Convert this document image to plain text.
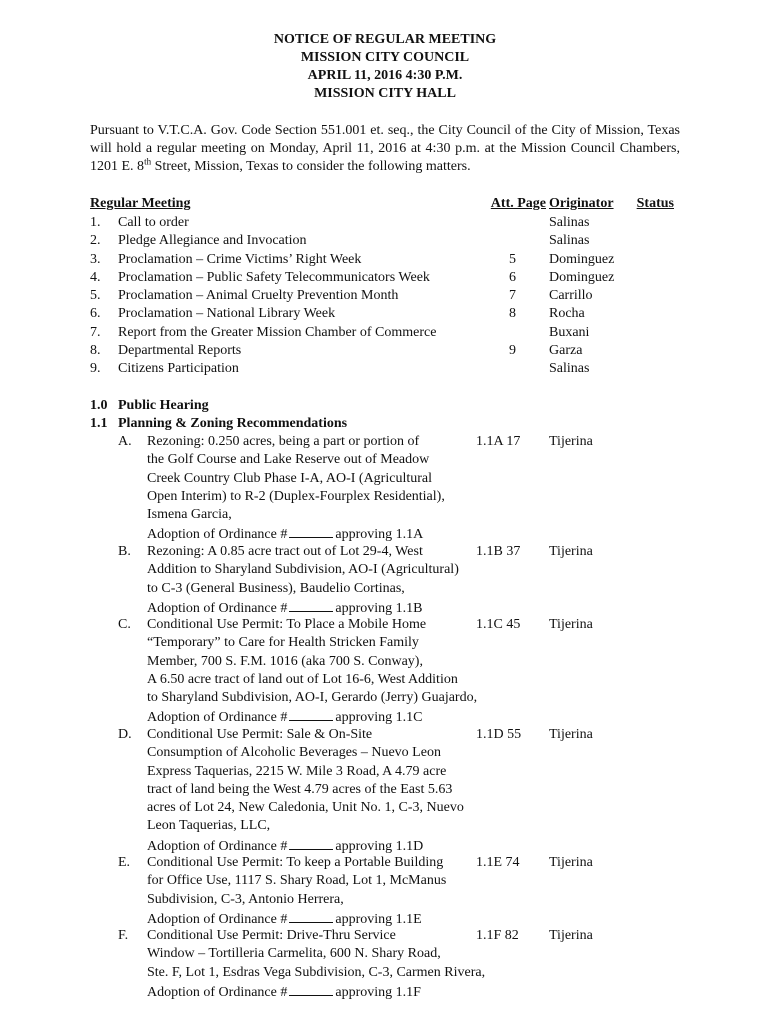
NOTICE OF REGULAR MEETING
MISSION CITY COUNCIL
APRIL 11, 2016 4:30 P.M.
MISSION CITY HALL
Pursuant to V.T.C.A. Gov. Code Section 551.001 et. seq., the City Council of the City of Mission, Texas will hold a regular meeting on Monday, April 11, 2016 at 4:30 p.m. at the Mission Council Chambers, 1201 E. 8th Street, Mission, Texas to consider the following matters.
Regular Meeting	Att. Page Originator	Status
1. Call to order	Salinas
2. Pledge Allegiance and Invocation	Salinas
3. Proclamation – Crime Victims’ Right Week	5 Dominguez
4. Proclamation – Public Safety Telecommunicators Week	6 Dominguez
5. Proclamation – Animal Cruelty Prevention Month	7 Carrillo
6. Proclamation – National Library Week	8 Rocha
7. Report from the Greater Mission Chamber of Commerce	Buxani
8. Departmental Reports	9 Garza
9. Citizens Participation	Salinas
1.0 Public Hearing
1.1 Planning & Zoning Recommendations
A. Rezoning: 0.250 acres, being a part or portion of
the Golf Course and Lake Reserve out of Meadow
Creek Country Club Phase I-A, AO-I (Agricultural
Open Interim) to R-2 (Duplex-Fourplex Residential),
Ismena Garcia,
1.1A 17 Tijerina
Adoption of Ordinance #	approving 1.1A
B. Rezoning: A 0.85 acre tract out of Lot 29-4, West
Addition to Sharyland Subdivision, AO-I (Agricultural)
to C-3 (General Business), Baudelio Cortinas,
1.1B 37 Tijerina
Adoption of Ordinance #	approving 1.1B
C. Conditional Use Permit: To Place a Mobile Home
“Temporary” to Care for Health Stricken Family
Member, 700 S. F.M. 1016 (aka 700 S. Conway),
A 6.50 acre tract of land out of Lot 16-6, West Addition
to Sharyland Subdivision, AO-I, Gerardo (Jerry) Guajardo,
1.1C 45 Tijerina
Adoption of Ordinance #	approving 1.1C
D. Conditional Use Permit: Sale & On-Site
Consumption of Alcoholic Beverages – Nuevo Leon
Express Taquerias, 2215 W. Mile 3 Road, A 4.79 acre
tract of land being the West 4.79 acres of the East 5.63
acres of Lot 24, New Caledonia, Unit No. 1, C-3, Nuevo
Leon Taquerias, LLC,
1.1D 55 Tijerina
Adoption of Ordinance #	approving 1.1D
E. Conditional Use Permit: To keep a Portable Building
for Office Use, 1117 S. Shary Road, Lot 1, McManus
Subdivision, C-3, Antonio Herrera,
1.1E 74 Tijerina
Adoption of Ordinance #	approving 1.1E
F. Conditional Use Permit: Drive-Thru Service
Window – Tortilleria Carmelita, 600 N. Shary Road,
Ste. F, Lot 1, Esdras Vega Subdivision, C-3, Carmen Rivera,
1.1F 82 Tijerina
Adoption of Ordinance #	approving 1.1F
